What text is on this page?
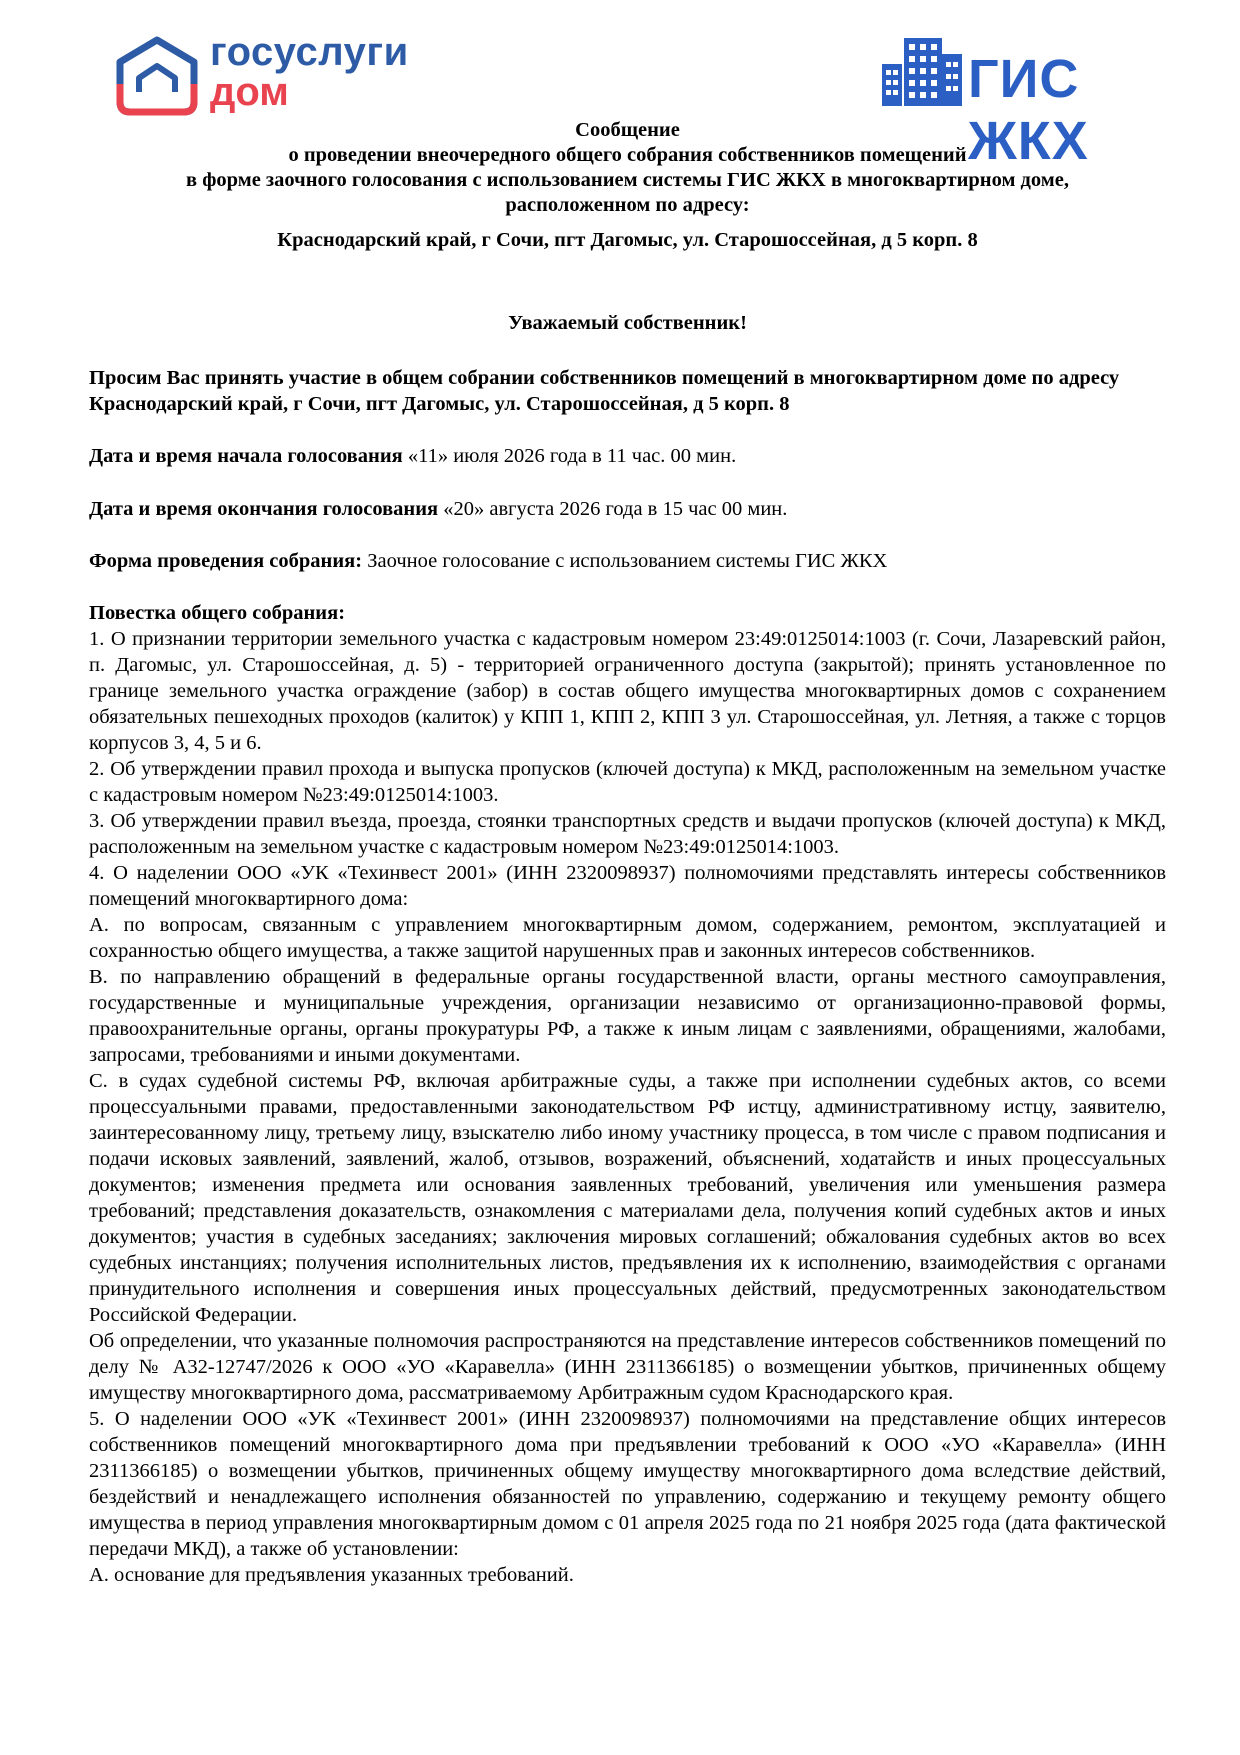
госуслуги
дом	ГИС ЖКХ
Сообщение
о проведении внеочередного общего собрания собственников помещений
в форме заочного голосования с использованием системы ГИС ЖКХ в многоквартирном доме,
расположенном по адресу:
Краснодарский край, г Сочи, пгт Дагомыс, ул. Старошоссейная, д 5 корп. 8
Уважаемый собственник!
Просим Вас принять участие в общем собрании собственников помещений в многоквартирном доме по адресу Краснодарский край, г Сочи, пгт Дагомыс, ул. Старошоссейная, д 5 корп. 8
Дата и время начала голосования «11» июля 2026 года в 11 час. 00 мин.
Дата и время окончания голосования «20» августа 2026 года в 15 час 00 мин.
Форма проведения собрания: Заочное голосование с использованием системы ГИС ЖКХ

Повестка общего собрания:

1. О признании территории земельного участка с кадастровым номером 23:49:0125014:1003 (г. Сочи, Лазаревский район, п. Дагомыс, ул. Старошоссейная, д. 5) - территорией ограниченного доступа (закрытой); принять установленное по границе земельного участка ограждение (забор) в состав общего имущества многоквартирных домов с сохранением обязательных пешеходных проходов (калиток) у КПП 1, КПП 2, КПП 3 ул. Старошоссейная, ул. Летняя, а также с торцов корпусов 3, 4, 5 и 6.

2. Об утверждении правил прохода и выпуска пропусков (ключей доступа) к МКД, расположенным на земельном участке с кадастровым номером №23:49:0125014:1003.

3. Об утверждении правил въезда, проезда, стоянки транспортных средств и выдачи пропусков (ключей доступа) к МКД, расположенным на земельном участке с кадастровым номером №23:49:0125014:1003.

4. О наделении ООО «УК «Техинвест 2001» (ИНН 2320098937) полномочиями представлять интересы собственников помещений многоквартирного дома:

А. по вопросам, связанным с управлением многоквартирным домом, содержанием, ремонтом, эксплуатацией и сохранностью общего имущества, а также защитой нарушенных прав и законных интересов собственников.

В. по направлению обращений в федеральные органы государственной власти, органы местного самоуправления, государственные и муниципальные учреждения, организации независимо от организационно-правовой формы, правоохранительные органы, органы прокуратуры РФ, а также к иным лицам с заявлениями, обращениями, жалобами, запросами, требованиями и иными документами.

С. в судах судебной системы РФ, включая арбитражные суды, а также при исполнении судебных актов, со всеми процессуальными правами, предоставленными законодательством РФ истцу, административному истцу, заявителю, заинтересованному лицу, третьему лицу, взыскателю либо иному участнику процесса, в том числе с правом подписания и подачи исковых заявлений, заявлений, жалоб, отзывов, возражений, объяснений, ходатайств и иных процессуальных документов; изменения предмета или основания заявленных требований, увеличения или уменьшения размера требований; представления доказательств, ознакомления с материалами дела, получения копий судебных актов и иных документов; участия в судебных заседаниях; заключения мировых соглашений; обжалования судебных актов во всех судебных инстанциях; получения исполнительных листов, предъявления их к исполнению, взаимодействия с органами принудительного исполнения и совершения иных процессуальных действий, предусмотренных законодательством Российской Федерации.

Об определении, что указанные полномочия распространяются на представление интересов собственников помещений по делу № А32-12747/2026 к ООО «УО «Каравелла» (ИНН 2311366185) о возмещении убытков, причиненных общему имуществу многоквартирного дома, рассматриваемому Арбитражным судом Краснодарского края.

5. О наделении ООО «УК «Техинвест 2001» (ИНН 2320098937) полномочиями на представление общих интересов собственников помещений многоквартирного дома при предъявлении требований к ООО «УО «Каравелла» (ИНН 2311366185) о возмещении убытков, причиненных общему имуществу многоквартирного дома вследствие действий, бездействий и ненадлежащего исполнения обязанностей по управлению, содержанию и текущему ремонту общего имущества в период управления многоквартирным домом с 01 апреля 2025 года по 21 ноября 2025 года (дата фактической передачи МКД), а также об установлении:

А. основание для предъявления указанных требований.
